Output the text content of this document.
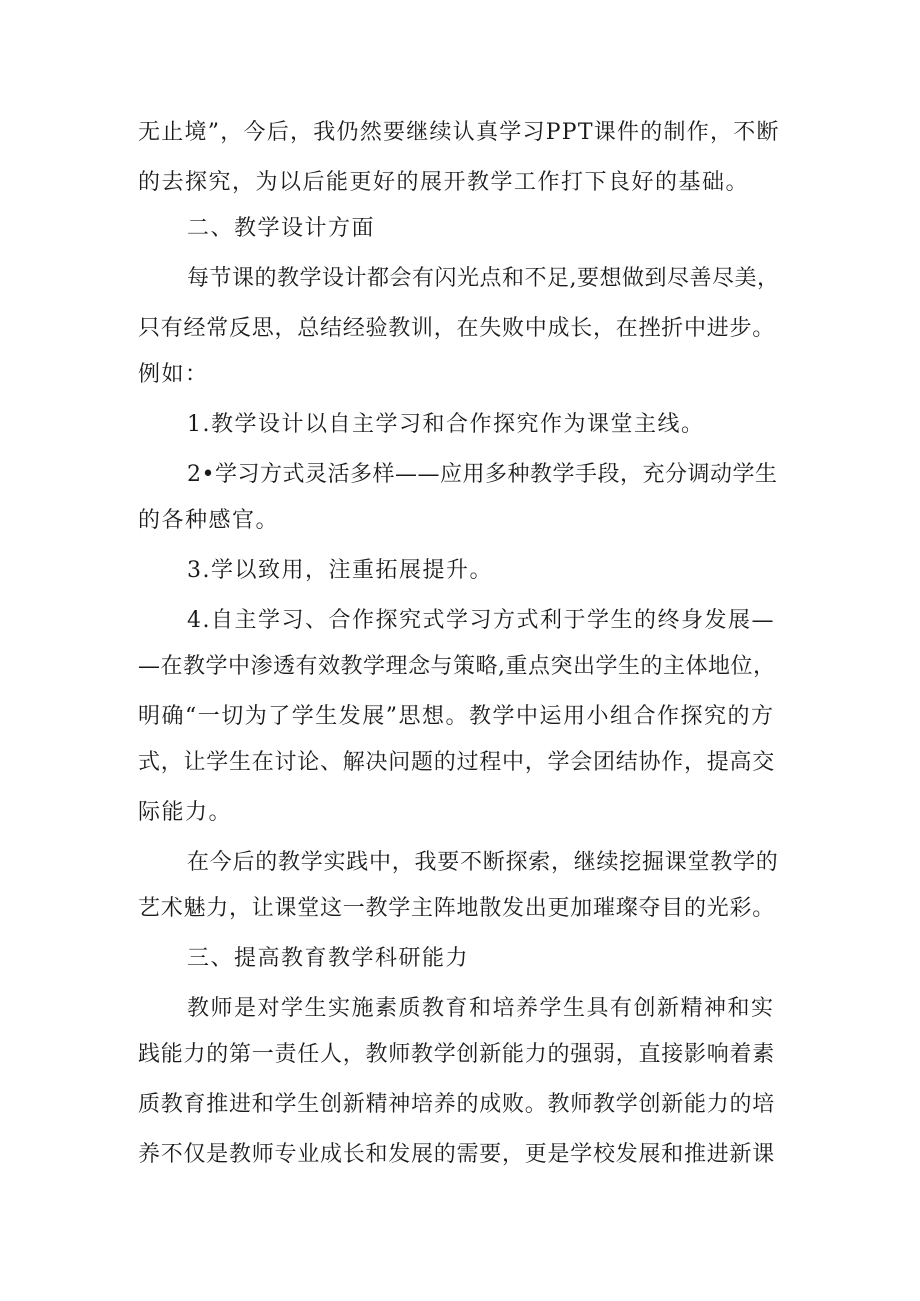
无止境”，今后，我仍然要继续认真学习PPT课件的制作，不断
的去探究，为以后能更好的展开教学工作打下良好的基础。
二、教学设计方面
每节课的教学设计都会有闪光点和不足,要想做到尽善尽美，
只有经常反思，总结经验教训，在失败中成长，在挫折中进步。
例如：
1.教学设计以自主学习和合作探究作为课堂主线。
2•学习方式灵活多样——应用多种教学手段，充分调动学生
的各种感官。
3.学以致用，注重拓展提升。
4.自主学习、合作探究式学习方式利于学生的终身发展—
—在教学中渗透有效教学理念与策略,重点突出学生的主体地位，
明确“一切为了学生发展”思想。教学中运用小组合作探究的方
式，让学生在讨论、解决问题的过程中，学会团结协作，提高交
际能力。
在今后的教学实践中，我要不断探索，继续挖掘课堂教学的
艺术魅力，让课堂这一教学主阵地散发出更加璀璨夺目的光彩。
三、提高教育教学科研能力
教师是对学生实施素质教育和培养学生具有创新精神和实
践能力的第一责任人，教师教学创新能力的强弱，直接影响着素
质教育推进和学生创新精神培养的成败。教师教学创新能力的培
养不仅是教师专业成长和发展的需要，更是学校发展和推进新课
